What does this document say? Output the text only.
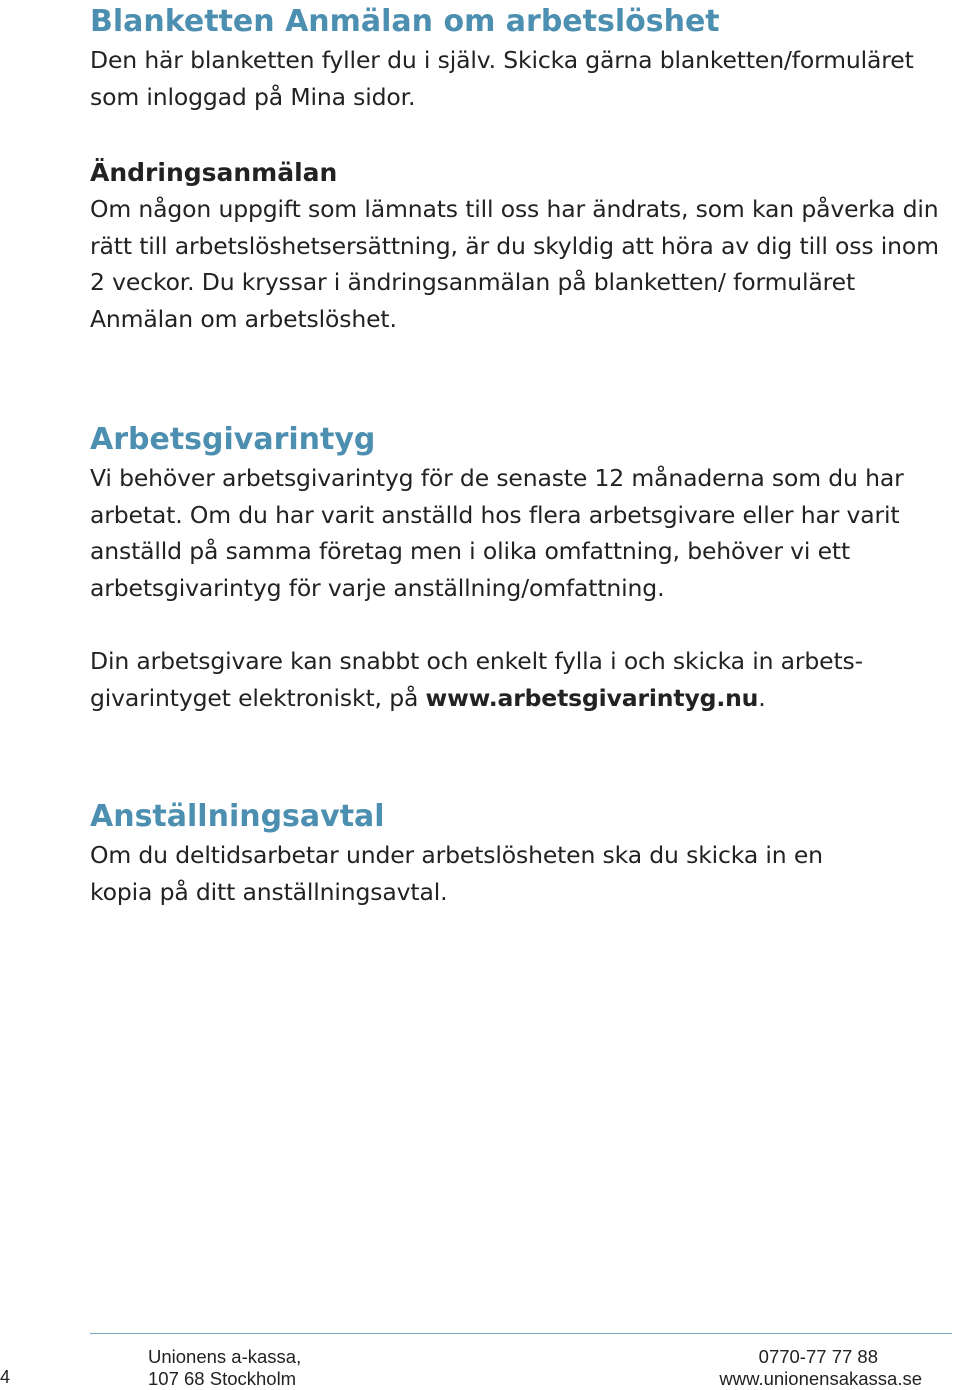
Blanketten Anmälan om arbetslöshet

Den här blanketten fyller du i själv. Skicka gärna blanketten/formuläret som inloggad på Mina sidor.

Ändringsanmälan

Om någon uppgift som lämnats till oss har ändrats, som kan påverka din rätt till arbetslöshetsersättning, är du skyldig att höra av dig till oss inom 2 veckor. Du kryssar i ändringsanmälan på blanketten/ formuläret Anmälan om arbetslöshet.

Arbetsgivarintyg

Vi behöver arbetsgivarintyg för de senaste 12 månaderna som du har arbetat. Om du har varit anställd hos flera arbetsgivare eller har varit anställd på samma företag men i olika omfattning, behöver vi ett arbetsgivarintyg för varje anställning/omfattning.

Din arbetsgivare kan snabbt och enkelt fylla i och skicka in arbets-givarintyget elektroniskt, på www.arbetsgivarintyg.nu.

Anställningsavtal

Om du deltidsarbetar under arbetslösheten ska du skicka in en kopia på ditt anställningsavtal.

4
Unionens a-kassa,
107 68 Stockholm
0770-77 77 88
www.unionensakassa.se
